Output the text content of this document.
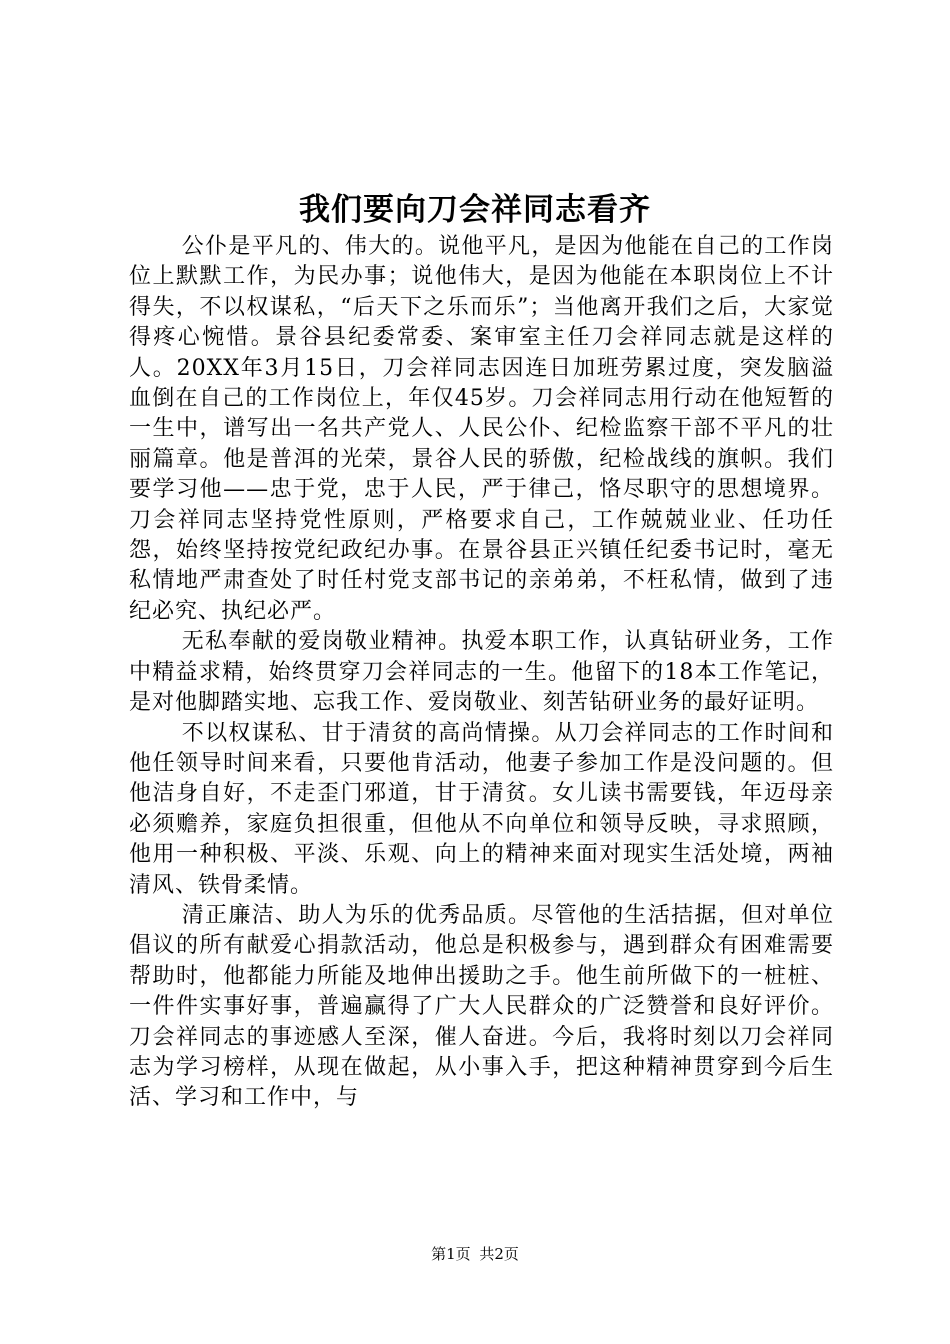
我们要向刀会祥同志看齐

公仆是平凡的、伟大的。说他平凡，是因为他能在自己的工作岗位上默默工作，为民办事；说他伟大，是因为他能在本职岗位上不计得失，不以权谋私，“后天下之乐而乐”；当他离开我们之后，大家觉得疼心惋惜。景谷县纪委常委、案审室主任刀会祥同志就是这样的人。20XX年3月15日，刀会祥同志因连日加班劳累过度，突发脑溢血倒在自己的工作岗位上，年仅45岁。刀会祥同志用行动在他短暂的一生中，谱写出一名共产党人、人民公仆、纪检监察干部不平凡的壮丽篇章。他是普洱的光荣，景谷人民的骄傲，纪检战线的旗帜。我们要学习他——忠于党，忠于人民，严于律己，恪尽职守的思想境界。刀会祥同志坚持党性原则，严格要求自己，工作兢兢业业、任功任怨，始终坚持按党纪政纪办事。在景谷县正兴镇任纪委书记时，毫无私情地严肃查处了时任村党支部书记的亲弟弟，不枉私情，做到了违纪必究、执纪必严。

无私奉献的爱岗敬业精神。执爱本职工作，认真钻研业务，工作中精益求精，始终贯穿刀会祥同志的一生。他留下的18本工作笔记，是对他脚踏实地、忘我工作、爱岗敬业、刻苦钻研业务的最好证明。

不以权谋私、甘于清贫的高尚情操。从刀会祥同志的工作时间和他任领导时间来看，只要他肯活动，他妻子参加工作是没问题的。但他洁身自好，不走歪门邪道，甘于清贫。女儿读书需要钱，年迈母亲必须赡养，家庭负担很重，但他从不向单位和领导反映，寻求照顾，他用一种积极、平淡、乐观、向上的精神来面对现实生活处境，两袖清风、铁骨柔情。

清正廉洁、助人为乐的优秀品质。尽管他的生活拮据，但对单位倡议的所有献爱心捐款活动，他总是积极参与，遇到群众有困难需要帮助时，他都能力所能及地伸出援助之手。他生前所做下的一桩桩、一件件实事好事，普遍赢得了广大人民群众的广泛赞誉和良好评价。刀会祥同志的事迹感人至深，催人奋进。今后，我将时刻以刀会祥同志为学习榜样，从现在做起，从小事入手，把这种精神贯穿到今后生活、学习和工作中，与

第1页 共2页
